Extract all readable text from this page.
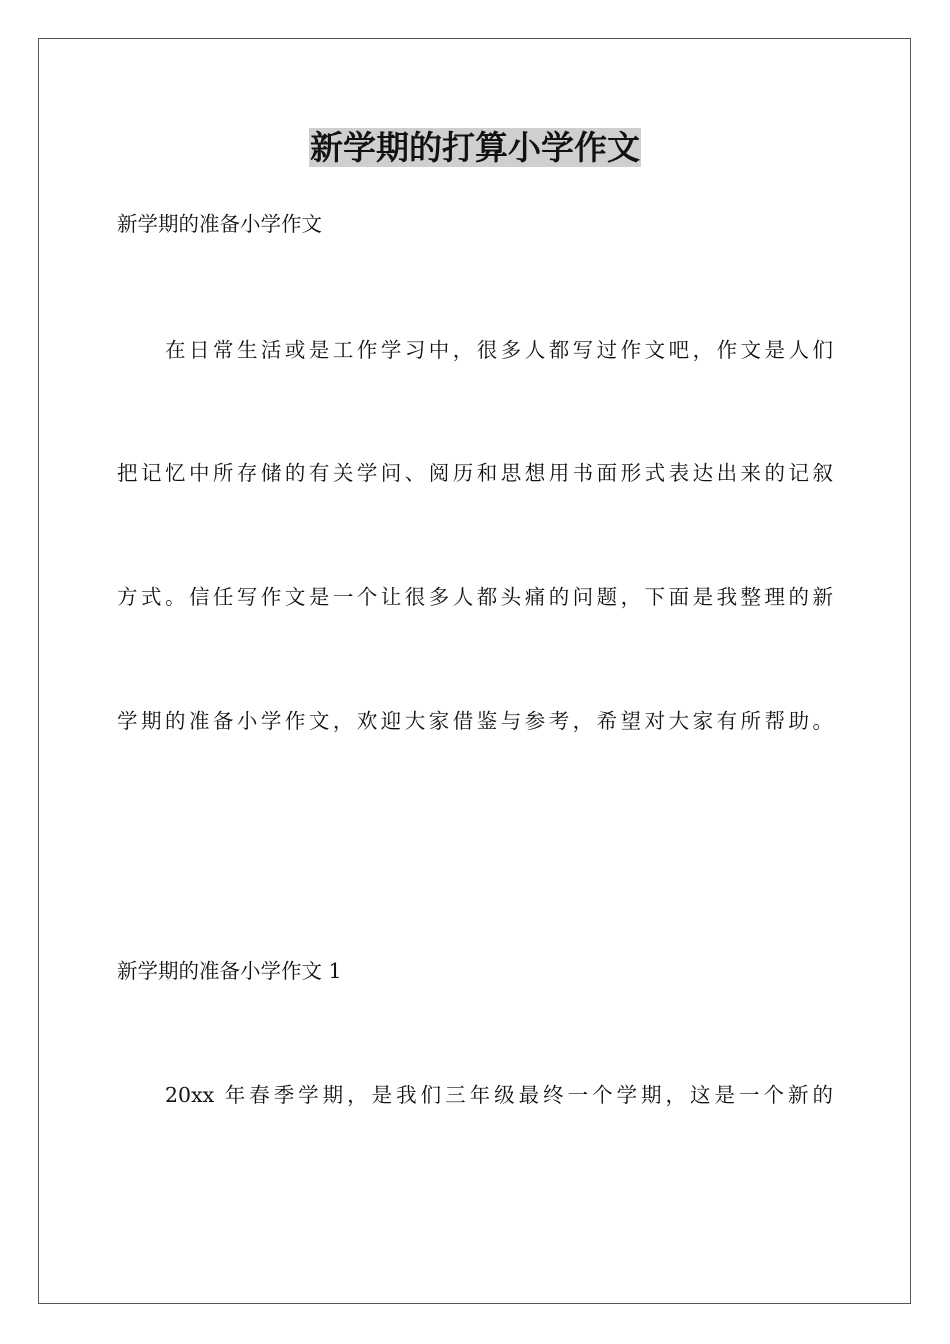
新学期的打算小学作文

新学期的准备小学作文

在日常生活或是工作学习中，很多人都写过作文吧，作文是人们

把记忆中所存储的有关学问、阅历和思想用书面形式表达出来的记叙

方式。信任写作文是一个让很多人都头痛的问题，下面是我整理的新

学期的准备小学作文，欢迎大家借鉴与参考，希望对大家有所帮助。

新学期的准备小学作文 1

20xx 年春季学期，是我们三年级最终一个学期，这是一个新的
